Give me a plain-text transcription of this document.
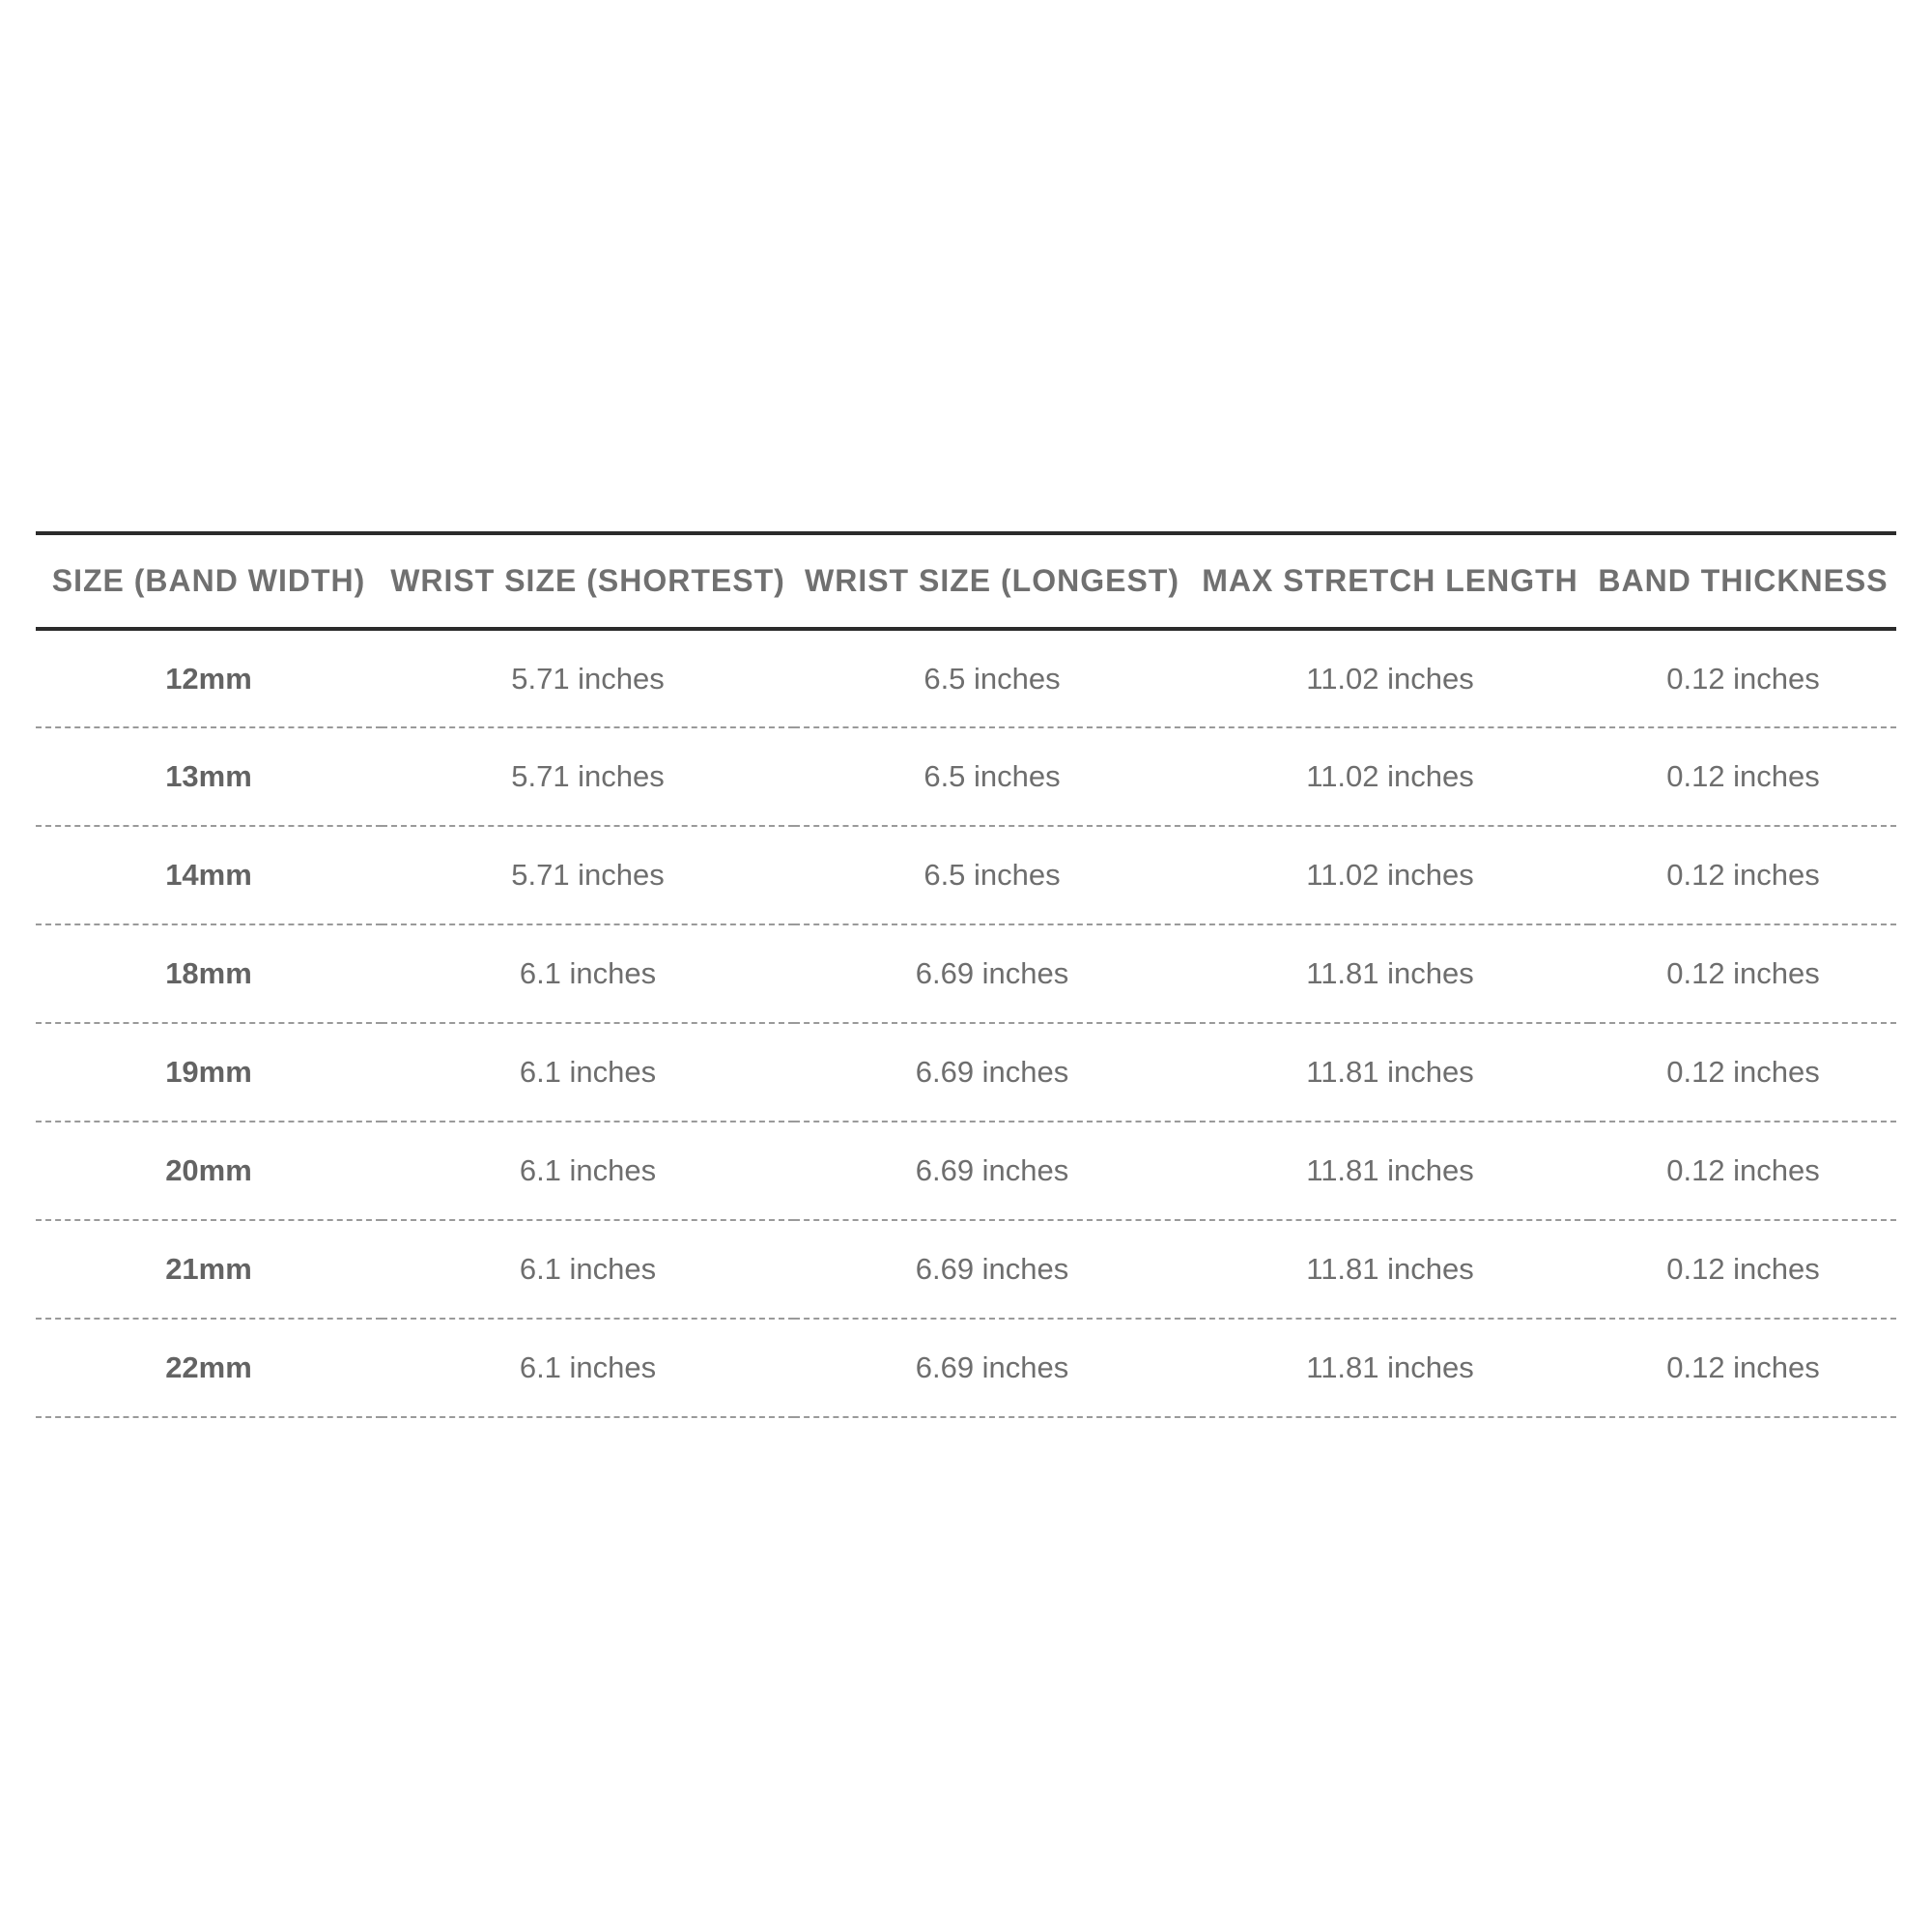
SIZE (BAND WIDTH)	WRIST SIZE (SHORTEST)	WRIST SIZE (LONGEST)	MAX STRETCH LENGTH	BAND THICKNESS
12mm	5.71 inches	6.5 inches	11.02 inches	0.12 inches
13mm	5.71 inches	6.5 inches	11.02 inches	0.12 inches
14mm	5.71 inches	6.5 inches	11.02 inches	0.12 inches
18mm	6.1 inches	6.69 inches	11.81 inches	0.12 inches
19mm	6.1 inches	6.69 inches	11.81 inches	0.12 inches
20mm	6.1 inches	6.69 inches	11.81 inches	0.12 inches
21mm	6.1 inches	6.69 inches	11.81 inches	0.12 inches
22mm	6.1 inches	6.69 inches	11.81 inches	0.12 inches
